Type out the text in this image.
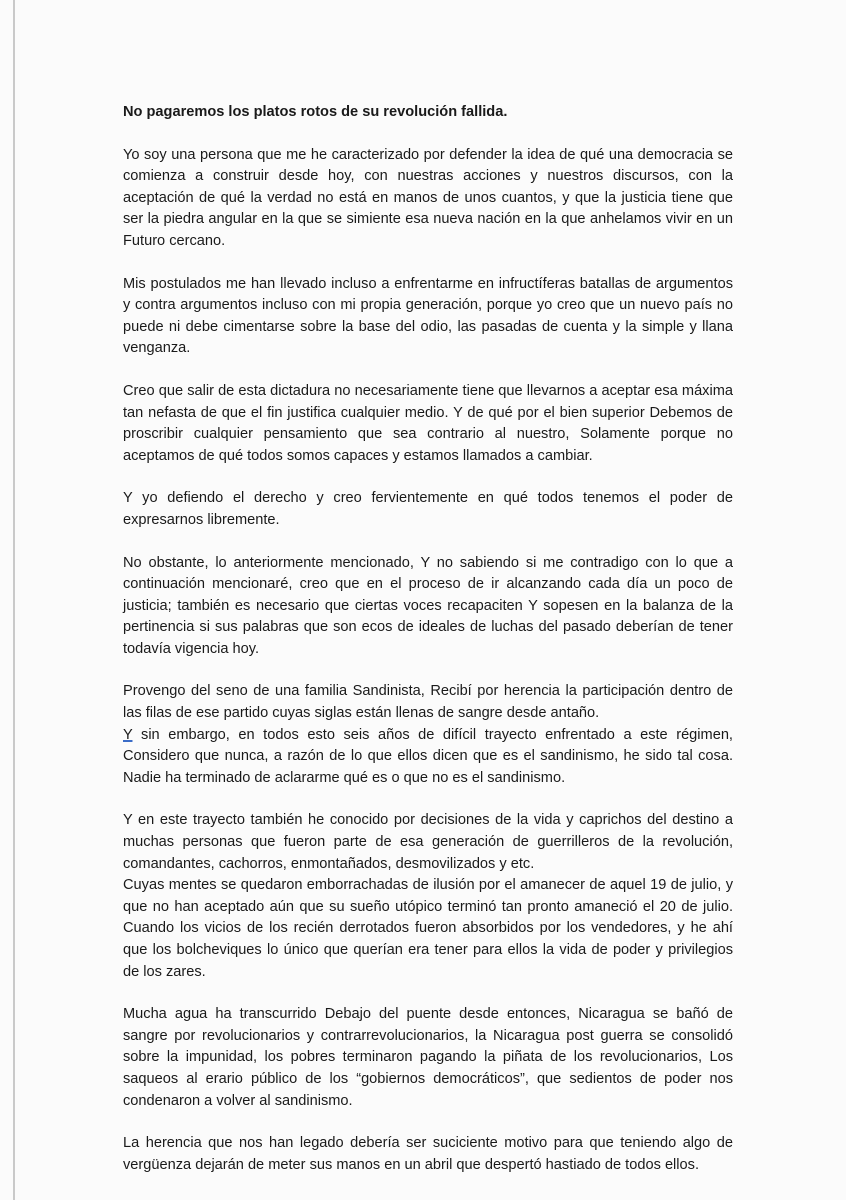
No pagaremos los platos rotos de su revolución fallida.

Yo soy una persona que me he caracterizado por defender la idea de qué una democracia se comienza a construir desde hoy, con nuestras acciones y nuestros discursos, con la aceptación de qué la verdad no está en manos de unos cuantos, y que la justicia tiene que ser la piedra angular en la que se simiente esa nueva nación en la que anhelamos vivir en un Futuro cercano.

Mis postulados me han llevado incluso a enfrentarme en infructíferas batallas de argumentos y contra argumentos incluso con mi propia generación, porque yo creo que un nuevo país no puede ni debe cimentarse sobre la base del odio, las pasadas de cuenta y la simple y llana venganza.

Creo que salir de esta dictadura no necesariamente tiene que llevarnos a aceptar esa máxima tan nefasta de que el fin justifica cualquier medio. Y de qué por el bien superior Debemos de proscribir cualquier pensamiento que sea contrario al nuestro, Solamente porque no aceptamos de qué todos somos capaces y estamos llamados a cambiar.

Y yo defiendo el derecho y creo fervientemente en qué todos tenemos el poder de expresarnos libremente.

No obstante, lo anteriormente mencionado, Y no sabiendo si me contradigo con lo que a continuación mencionaré, creo que en el proceso de ir alcanzando cada día un poco de justicia; también es necesario que ciertas voces recapaciten Y sopesen en la balanza de la pertinencia si sus palabras que son ecos de ideales de luchas del pasado deberían de tener todavía vigencia hoy.

Provengo del seno de una familia Sandinista, Recibí por herencia la participación dentro de las filas de ese partido cuyas siglas están llenas de sangre desde antaño.

Y sin embargo, en todos esto seis años de difícil trayecto enfrentado a este régimen, Considero que nunca, a razón de lo que ellos dicen que es el sandinismo, he sido tal cosa. Nadie ha terminado de aclararme qué es o que no es el sandinismo.

Y en este trayecto también he conocido por decisiones de la vida y caprichos del destino a muchas personas que fueron parte de esa generación de guerrilleros de la revolución, comandantes, cachorros, enmontañados, desmovilizados y etc.

Cuyas mentes se quedaron emborrachadas de ilusión por el amanecer de aquel 19 de julio, y que no han aceptado aún que su sueño utópico terminó tan pronto amaneció el 20 de julio. Cuando los vicios de los recién derrotados fueron absorbidos por los vendedores, y he ahí que los bolcheviques lo único que querían era tener para ellos la vida de poder y privilegios de los zares.

Mucha agua ha transcurrido Debajo del puente desde entonces, Nicaragua se bañó de sangre por revolucionarios y contrarrevolucionarios, la Nicaragua post guerra se consolidó sobre la impunidad, los pobres terminaron pagando la piñata de los revolucionarios, Los saqueos al erario público de los “gobiernos democráticos”, que sedientos de poder nos condenaron a volver al sandinismo.

La herencia que nos han legado debería ser suciciente motivo para que teniendo algo de vergüenza dejarán de meter sus manos en un abril que despertó hastiado de todos ellos.
